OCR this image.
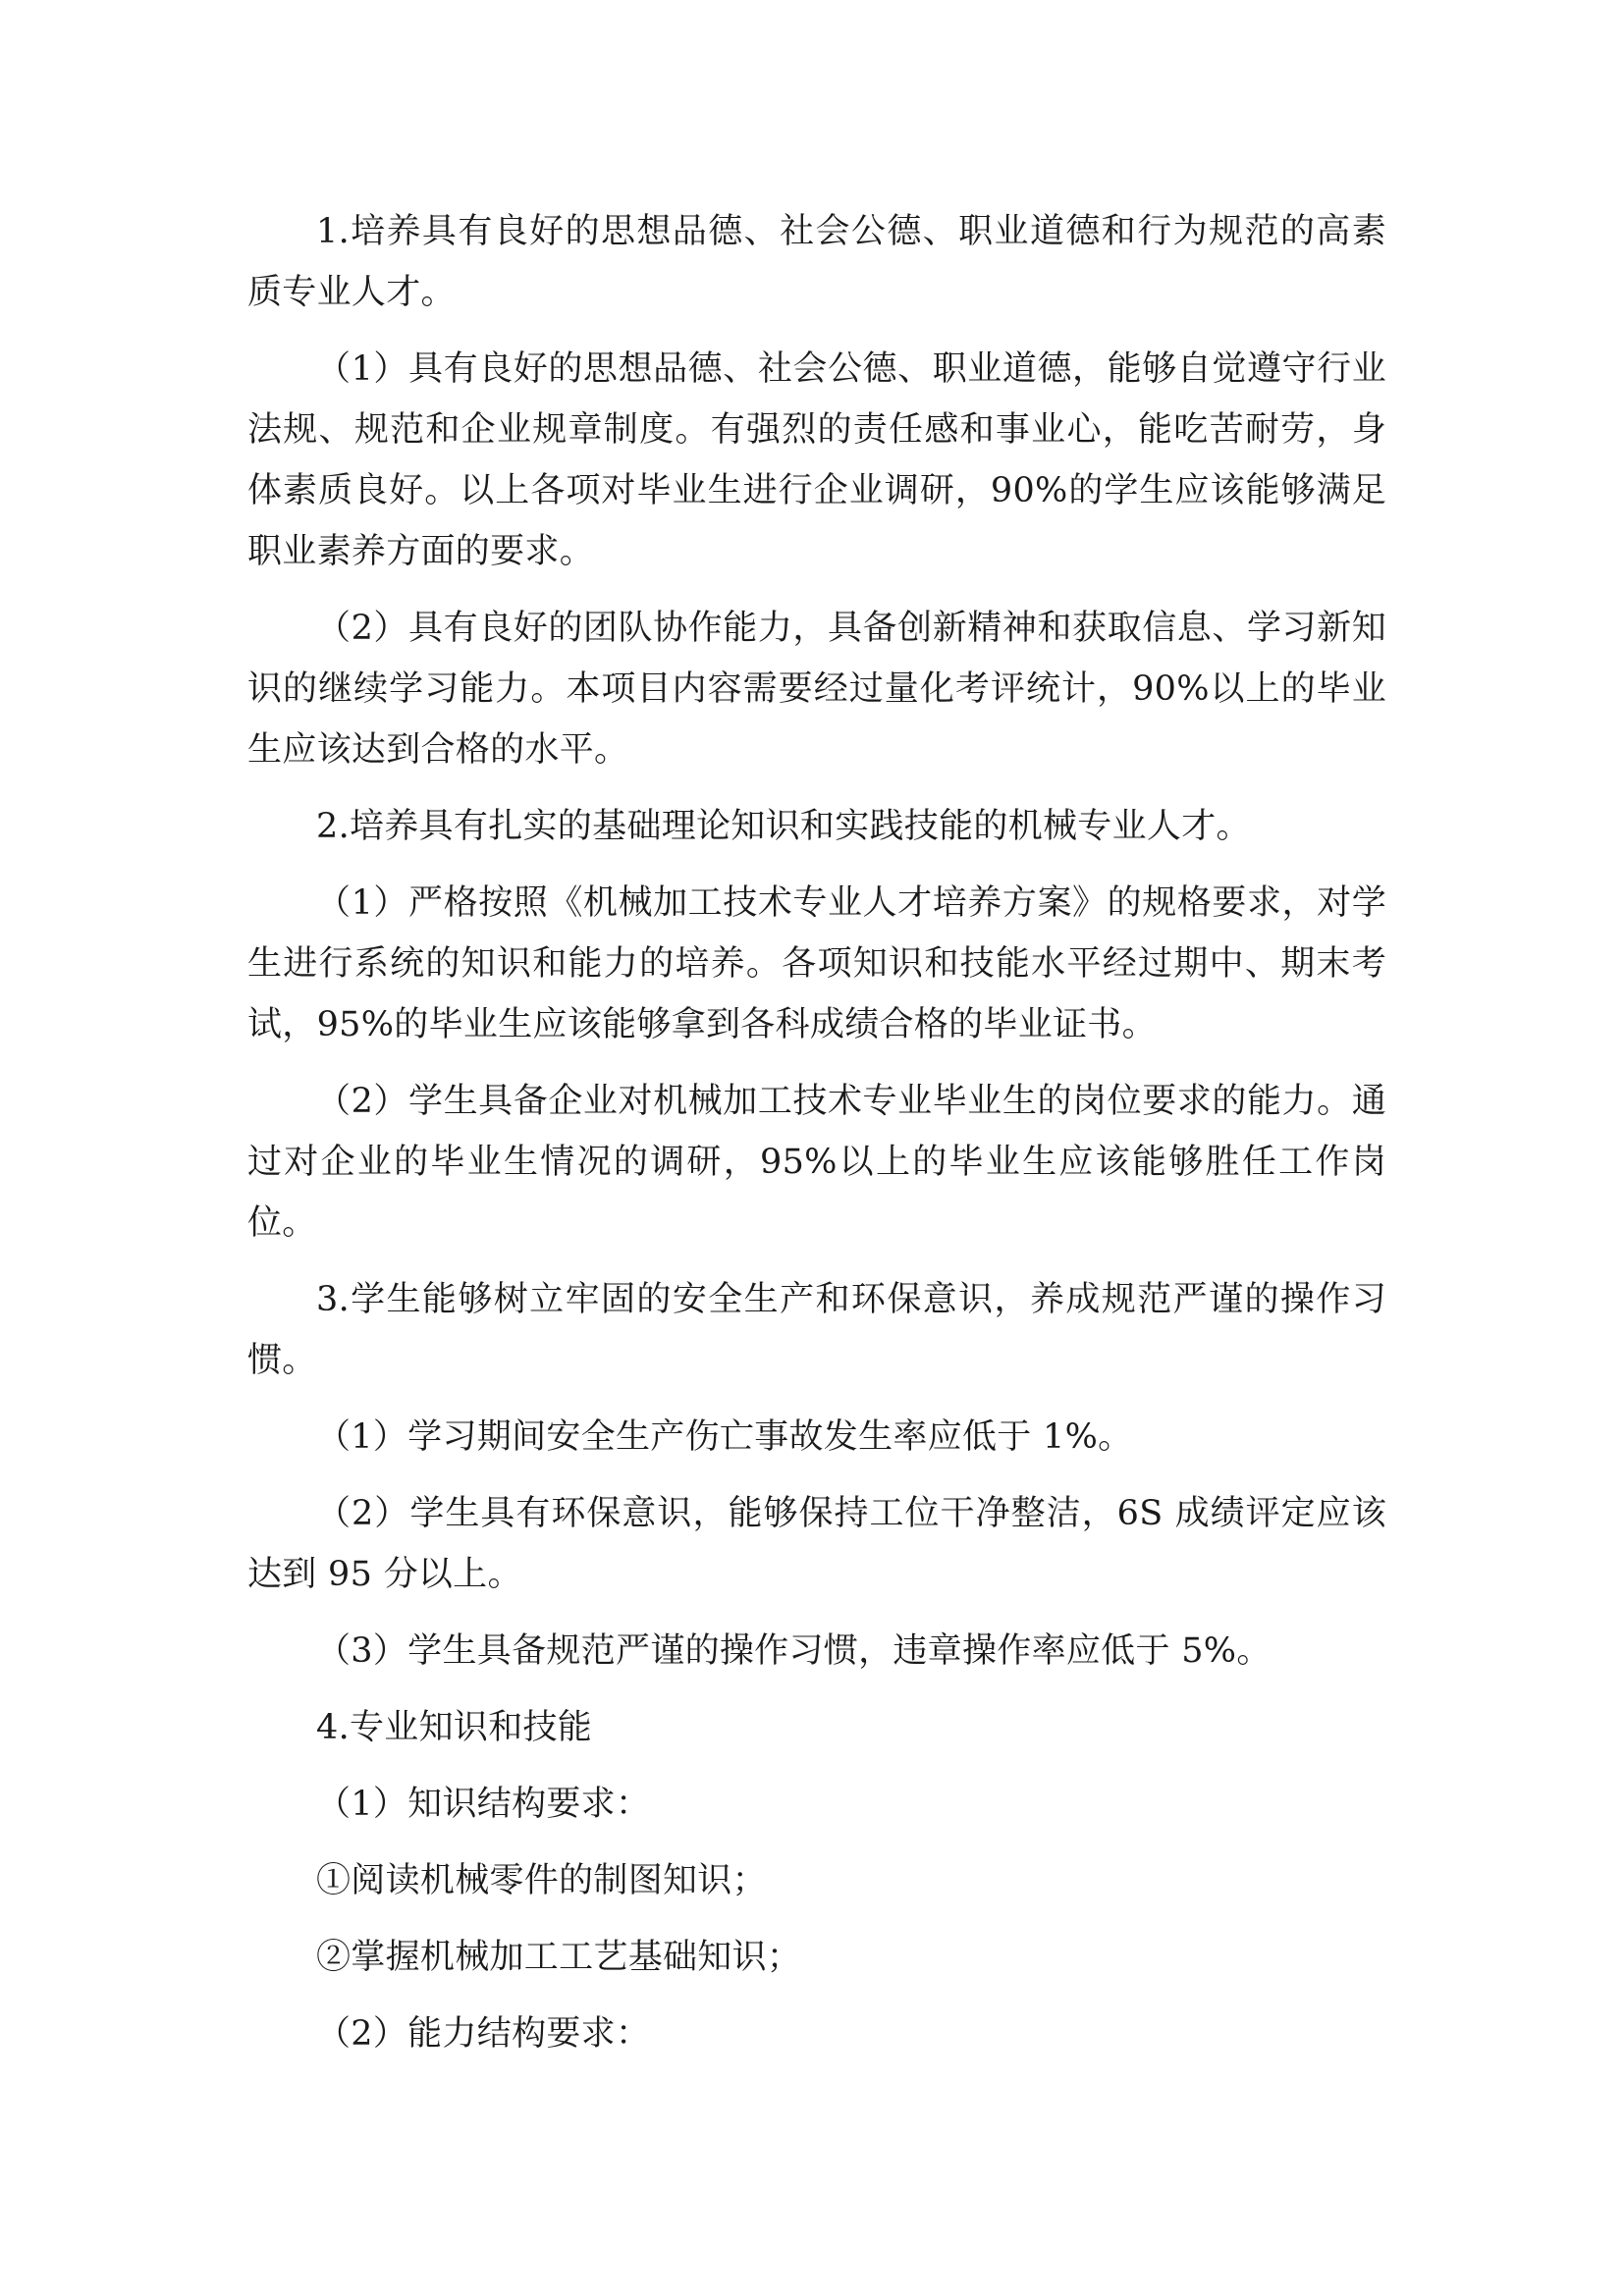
1.培养具有良好的思想品德、社会公德、职业道德和行为规范的高素质专业人才。

（1）具有良好的思想品德、社会公德、职业道德，能够自觉遵守行业法规、规范和企业规章制度。有强烈的责任感和事业心，能吃苦耐劳，身体素质良好。以上各项对毕业生进行企业调研，90%的学生应该能够满足职业素养方面的要求。

（2）具有良好的团队协作能力，具备创新精神和获取信息、学习新知识的继续学习能力。本项目内容需要经过量化考评统计，90%以上的毕业生应该达到合格的水平。

2.培养具有扎实的基础理论知识和实践技能的机械专业人才。

（1）严格按照《机械加工技术专业人才培养方案》的规格要求，对学生进行系统的知识和能力的培养。各项知识和技能水平经过期中、期末考试，95%的毕业生应该能够拿到各科成绩合格的毕业证书。

（2）学生具备企业对机械加工技术专业毕业生的岗位要求的能力。通过对企业的毕业生情况的调研，95%以上的毕业生应该能够胜任工作岗位。

3.学生能够树立牢固的安全生产和环保意识，养成规范严谨的操作习惯。

（1）学习期间安全生产伤亡事故发生率应低于 1%。

（2）学生具有环保意识，能够保持工位干净整洁，6S 成绩评定应该达到 95 分以上。

（3）学生具备规范严谨的操作习惯，违章操作率应低于 5%。

4.专业知识和技能

（1）知识结构要求：

①阅读机械零件的制图知识；

②掌握机械加工工艺基础知识；

（2）能力结构要求：
